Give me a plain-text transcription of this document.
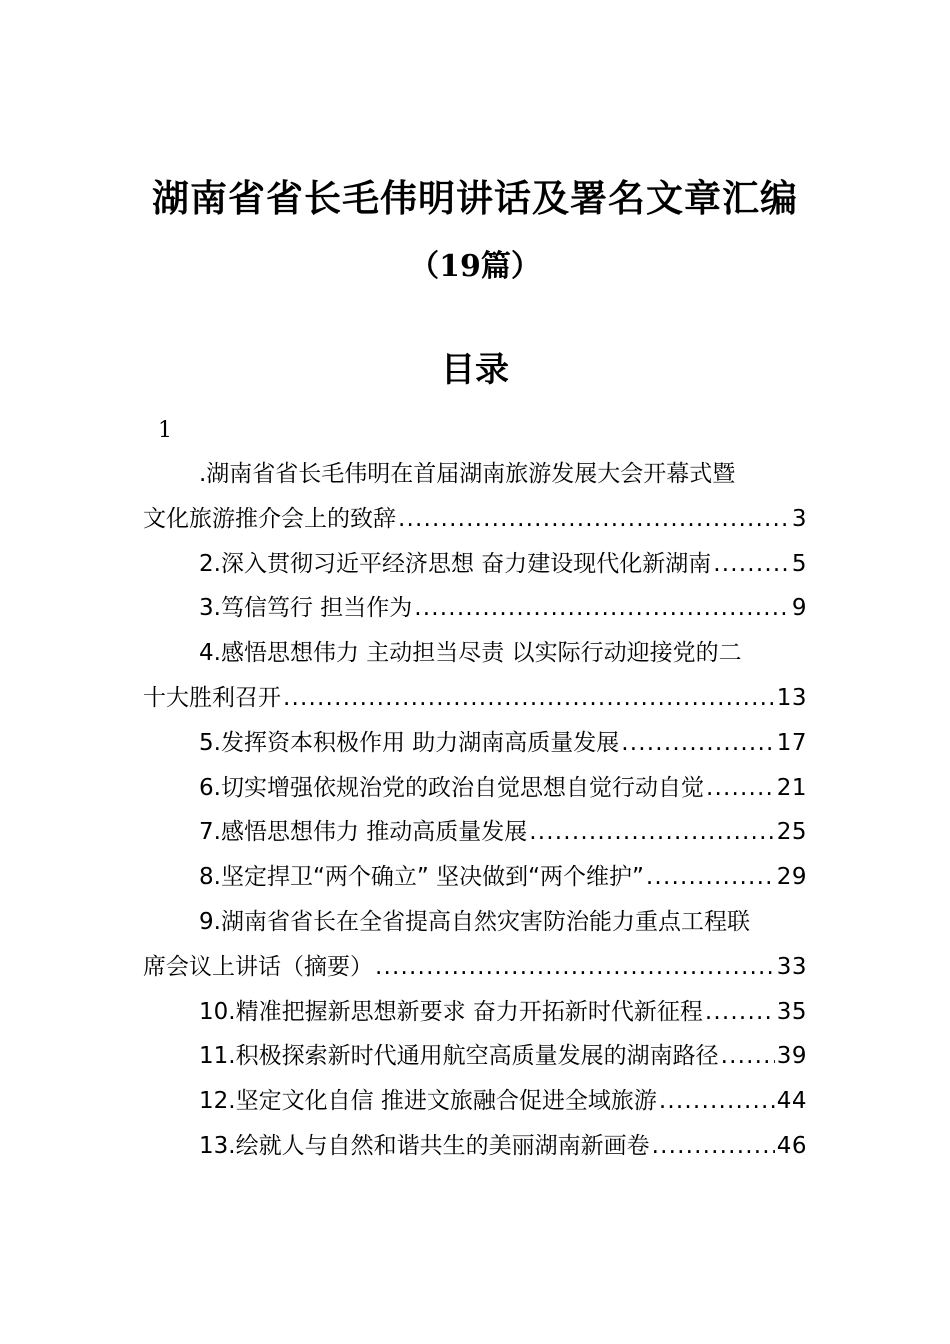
湖南省省长毛伟明讲话及署名文章汇编
（19篇）
目录
1
.湖南省省长毛伟明在首届湖南旅游发展大会开幕式暨
文化旅游推介会上的致辞 .....	3
2.深入贯彻习近平经济思想 奋力建设现代化新湖南 .....	5
3.笃信笃行 担当作为 .....	9
4.感悟思想伟力 主动担当尽责 以实际行动迎接党的二
十大胜利召开 .....	13
5.发挥资本积极作用 助力湖南高质量发展 .....	17
6.切实增强依规治党的政治自觉思想自觉行动自觉 .....	21
7.感悟思想伟力 推动高质量发展 .....	25
8.坚定捍卫“两个确立” 坚决做到“两个维护” .....	29
9.湖南省省长在全省提高自然灾害防治能力重点工程联
席会议上讲话（摘要） .....	33
10.精准把握新思想新要求 奋力开拓新时代新征程 .....	35
11.积极探索新时代通用航空高质量发展的湖南路径 .....	39
12.坚定文化自信 推进文旅融合促进全域旅游 .....	44
13.绘就人与自然和谐共生的美丽湖南新画卷 .....	46
